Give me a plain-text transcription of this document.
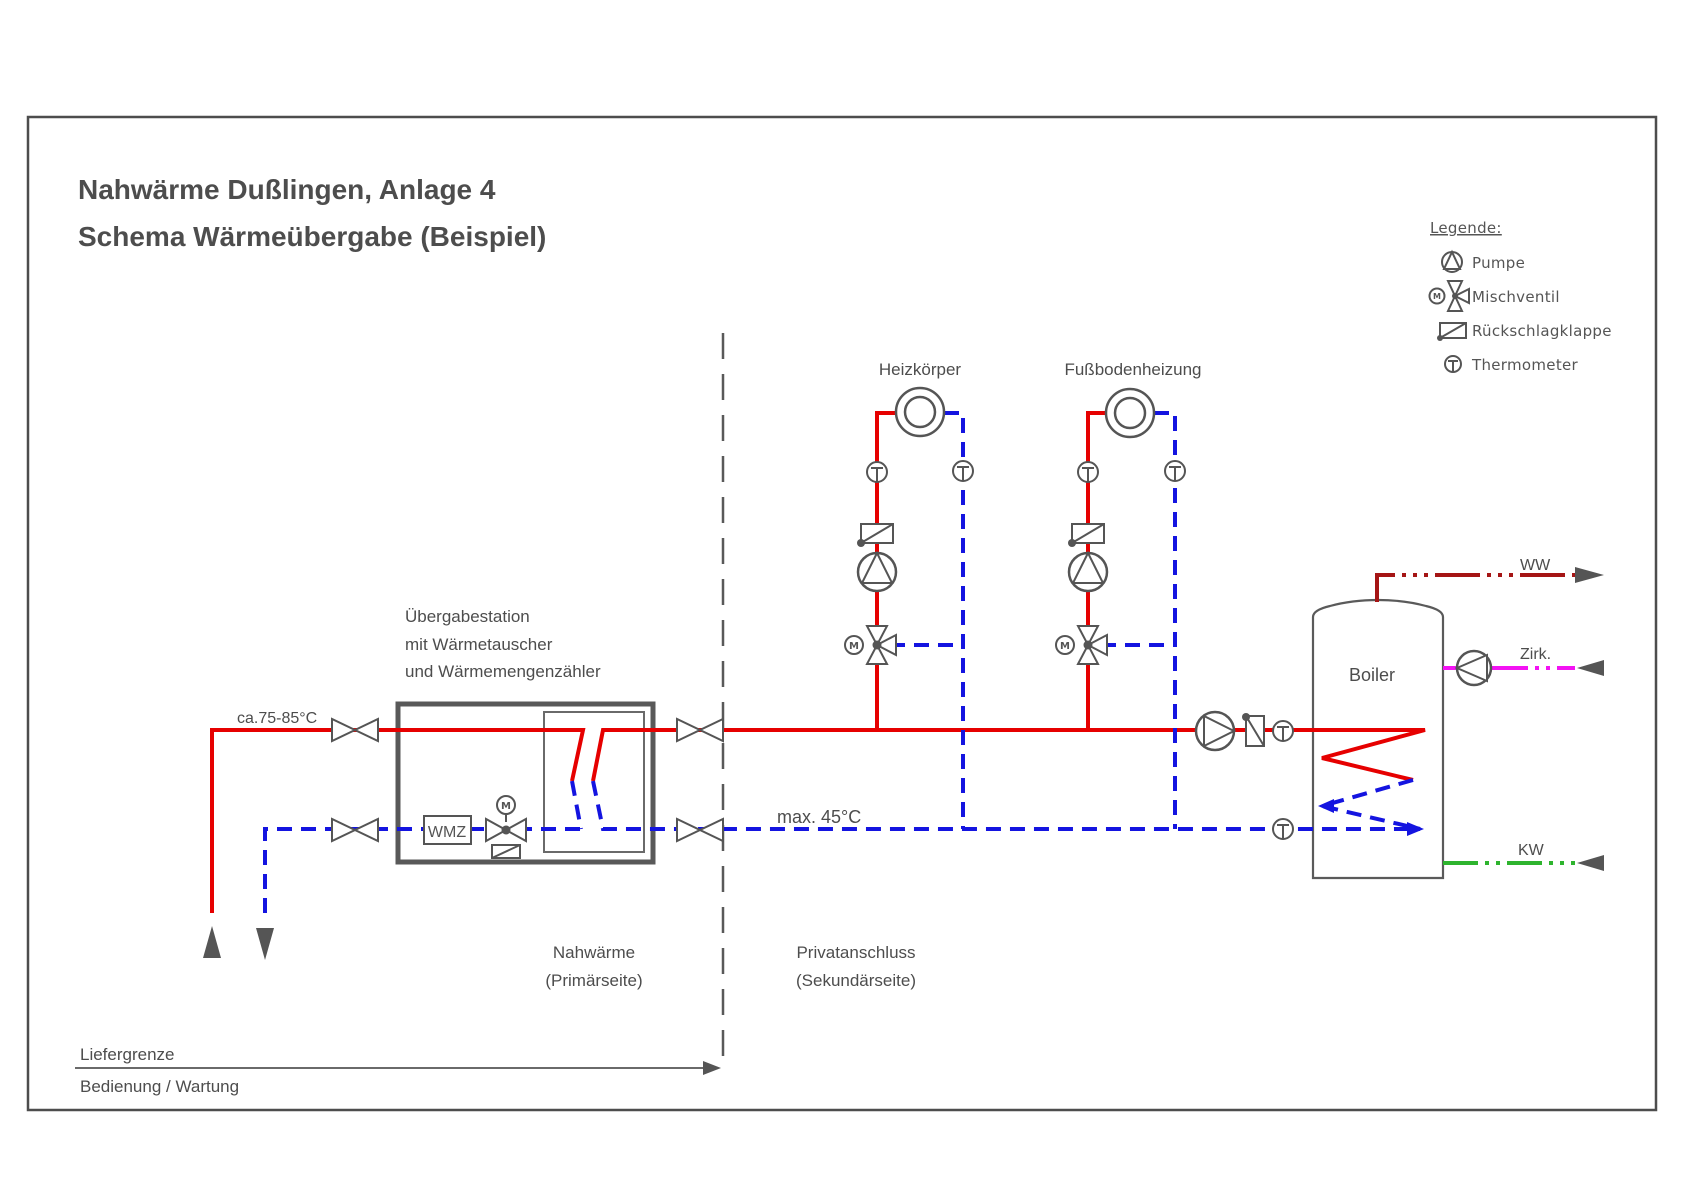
Nahwärme Dußlingen, Anlage 4
Schema Wärmeübergabe (Beispiel)	Legende:
Pumpe
M Mischventil
Rückschlagklappe
Thermometer
Übergabestation
mit Wärmetauscher
und Wärmemengenzähler	Boiler
WMZ
M
Heizkörper
M
Fußbodenheizung
M
ca.75-85°C
max. 45°C
WW
Zirk.
KW
Nahwärme
(Primärseite)
Privatanschluss
(Sekundärseite)
Liefergrenze
Bedienung / Wartung
